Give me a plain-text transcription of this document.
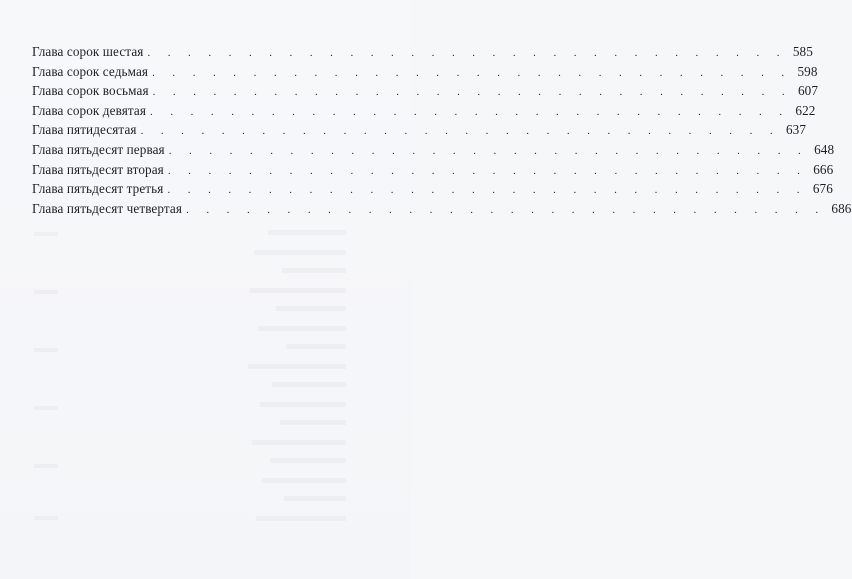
Глава сорок шестая . . . . . . . . . . . . . . . . . . . . . . . . . . . . . . . . 585
Глава сорок седьмая . . . . . . . . . . . . . . . . . . . . . . . . . . . . . . . . 598
Глава сорок восьмая . . . . . . . . . . . . . . . . . . . . . . . . . . . . . . . . 607
Глава сорок девятая . . . . . . . . . . . . . . . . . . . . . . . . . . . . . . . . 622
Глава пятидесятая . . . . . . . . . . . . . . . . . . . . . . . . . . . . . . . . 637
Глава пятьдесят первая . . . . . . . . . . . . . . . . . . . . . . . . . . . . . . . . 648
Глава пятьдесят вторая . . . . . . . . . . . . . . . . . . . . . . . . . . . . . . . . 666
Глава пятьдесят третья . . . . . . . . . . . . . . . . . . . . . . . . . . . . . . . . 676
Глава пятьдесят четвертая . . . . . . . . . . . . . . . . . . . . . . . . . . . . . . . . 686
